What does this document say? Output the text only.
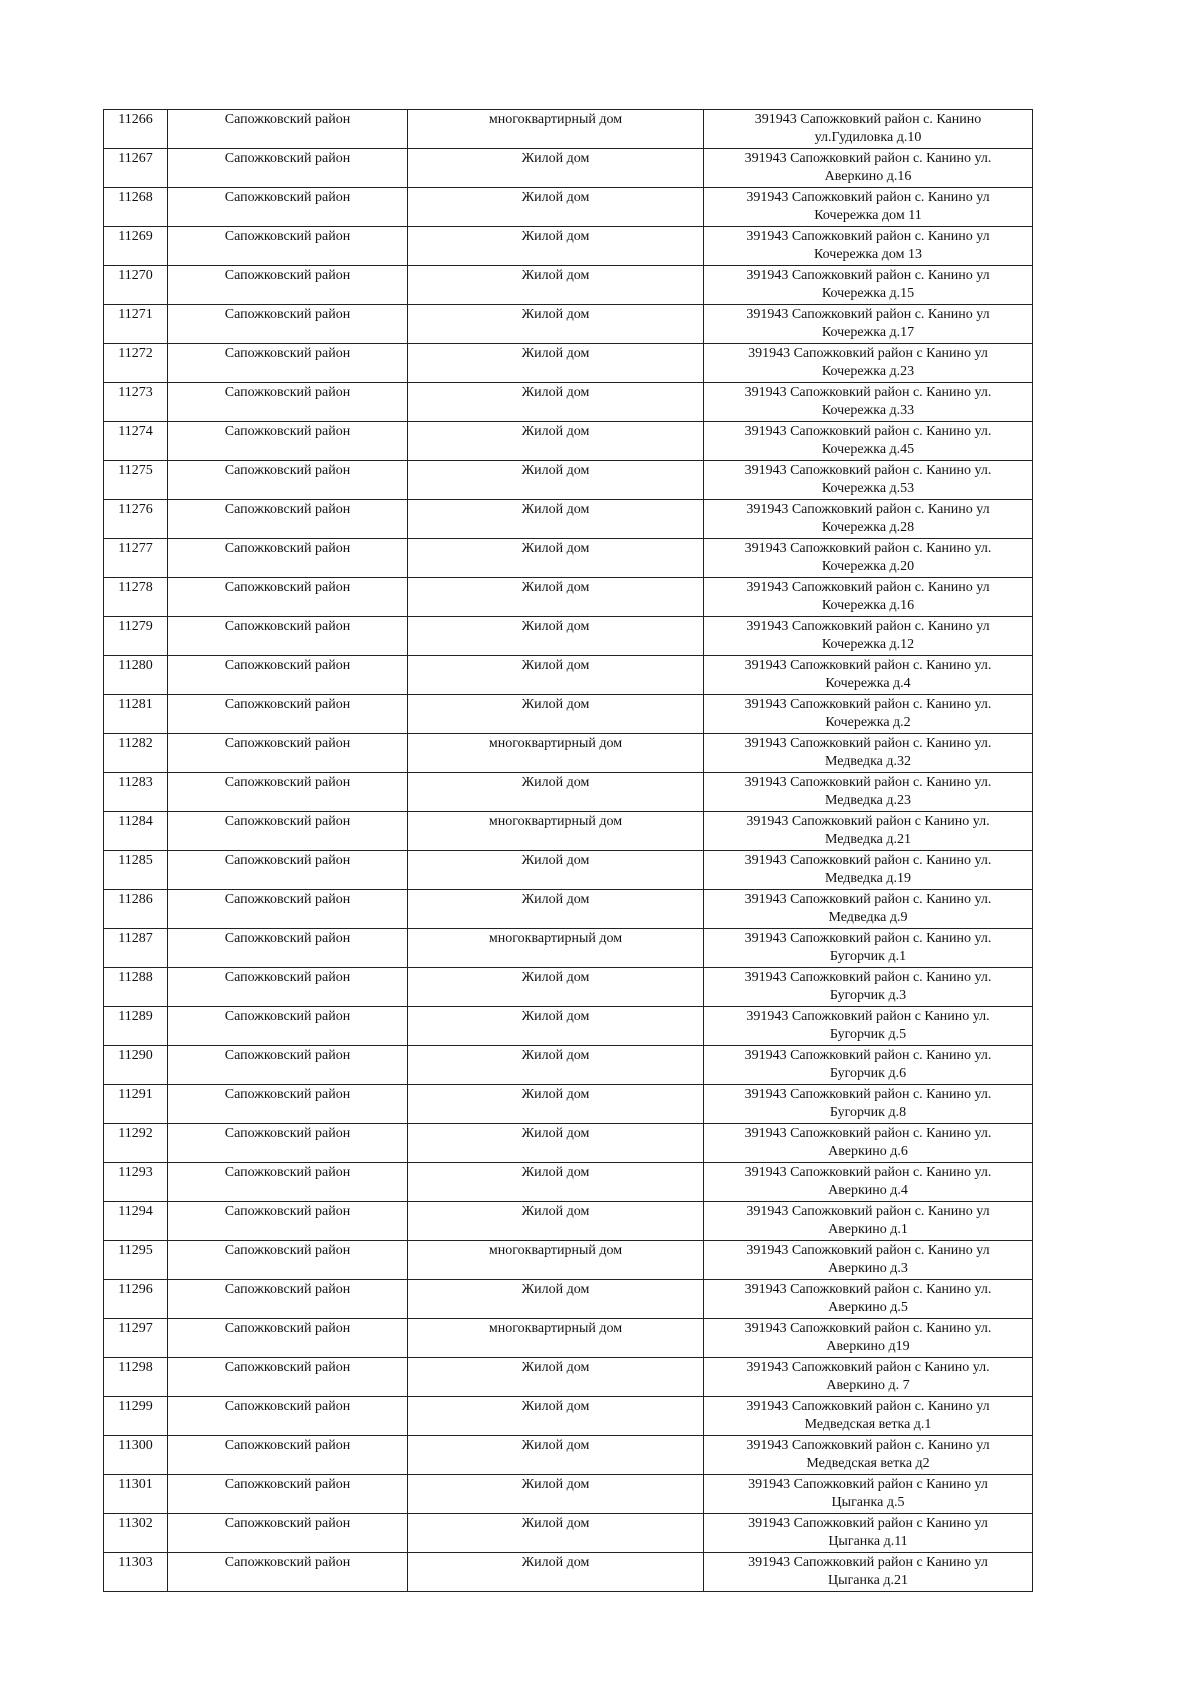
11266	Сапожковский район	многоквартирный дом	391943 Сапожковкий район с. Канино
ул.Гудиловка д.10

11267	Сапожковский район	Жилой дом	391943 Сапожковкий район с. Канино ул.
Аверкино д.16

11268	Сапожковский район	Жилой дом	391943 Сапожковкий район с. Канино ул
Кочережка дом 11

11269	Сапожковский район	Жилой дом	391943 Сапожковкий район с. Канино ул
Кочережка дом 13

11270	Сапожковский район	Жилой дом	391943 Сапожковкий район с. Канино ул
Кочережка д.15

11271	Сапожковский район	Жилой дом	391943 Сапожковкий район с. Канино ул
Кочережка д.17

11272	Сапожковский район	Жилой дом	391943 Сапожковкий район с Канино ул
Кочережка д.23

11273	Сапожковский район	Жилой дом	391943 Сапожковкий район с. Канино ул.
Кочережка д.33

11274	Сапожковский район	Жилой дом	391943 Сапожковкий район с. Канино ул.
Кочережка д.45

11275	Сапожковский район	Жилой дом	391943 Сапожковкий район с. Канино ул.
Кочережка д.53

11276	Сапожковский район	Жилой дом	391943 Сапожковкий район с. Канино ул
Кочережка д.28

11277	Сапожковский район	Жилой дом	391943 Сапожковкий район с. Канино ул.
Кочережка д.20

11278	Сапожковский район	Жилой дом	391943 Сапожковкий район с. Канино ул
Кочережка д.16

11279	Сапожковский район	Жилой дом	391943 Сапожковкий район с. Канино ул
Кочережка д.12

11280	Сапожковский район	Жилой дом	391943 Сапожковкий район с. Канино ул.
Кочережка д.4

11281	Сапожковский район	Жилой дом	391943 Сапожковкий район с. Канино ул.
Кочережка д.2

11282	Сапожковский район	многоквартирный дом	391943 Сапожковкий район с. Канино ул.
Медведка д.32

11283	Сапожковский район	Жилой дом	391943 Сапожковкий район с. Канино ул.
Медведка д.23

11284	Сапожковский район	многоквартирный дом	391943 Сапожковкий район с Канино ул.
Медведка д.21

11285	Сапожковский район	Жилой дом	391943 Сапожковкий район с. Канино ул.
Медведка д.19

11286	Сапожковский район	Жилой дом	391943 Сапожковкий район с. Канино ул.
Медведка д.9

11287	Сапожковский район	многоквартирный дом	391943 Сапожковкий район с. Канино ул.
Бугорчик д.1

11288	Сапожковский район	Жилой дом	391943 Сапожковкий район с. Канино ул.
Бугорчик д.3

11289	Сапожковский район	Жилой дом	391943 Сапожковкий район с Канино ул.
Бугорчик д.5

11290	Сапожковский район	Жилой дом	391943 Сапожковкий район с. Канино ул.
Бугорчик д.6

11291	Сапожковский район	Жилой дом	391943 Сапожковкий район с. Канино ул.
Бугорчик д.8

11292	Сапожковский район	Жилой дом	391943 Сапожковкий район с. Канино ул.
Аверкино д.6

11293	Сапожковский район	Жилой дом	391943 Сапожковкий район с. Канино ул.
Аверкино д.4

11294	Сапожковский район	Жилой дом	391943 Сапожковкий район с. Канино ул
Аверкино д.1

11295	Сапожковский район	многоквартирный дом	391943 Сапожковкий район с. Канино ул
Аверкино д.3

11296	Сапожковский район	Жилой дом	391943 Сапожковкий район с. Канино ул.
Аверкино д.5

11297	Сапожковский район	многоквартирный дом	391943 Сапожковкий район с. Канино ул.
Аверкино д19

11298	Сапожковский район	Жилой дом	391943 Сапожковкий район с Канино ул.
Аверкино д. 7

11299	Сапожковский район	Жилой дом	391943 Сапожковкий район с. Канино ул
Медведская ветка д.1

11300	Сапожковский район	Жилой дом	391943 Сапожковкий район с. Канино ул
Медведская ветка д2

11301	Сапожковский район	Жилой дом	391943 Сапожковкий район с Канино ул
Цыганка д.5

11302	Сапожковский район	Жилой дом	391943 Сапожковкий район с Канино ул
Цыганка д.11

11303	Сапожковский район	Жилой дом	391943 Сапожковкий район с Канино ул
Цыганка д.21
